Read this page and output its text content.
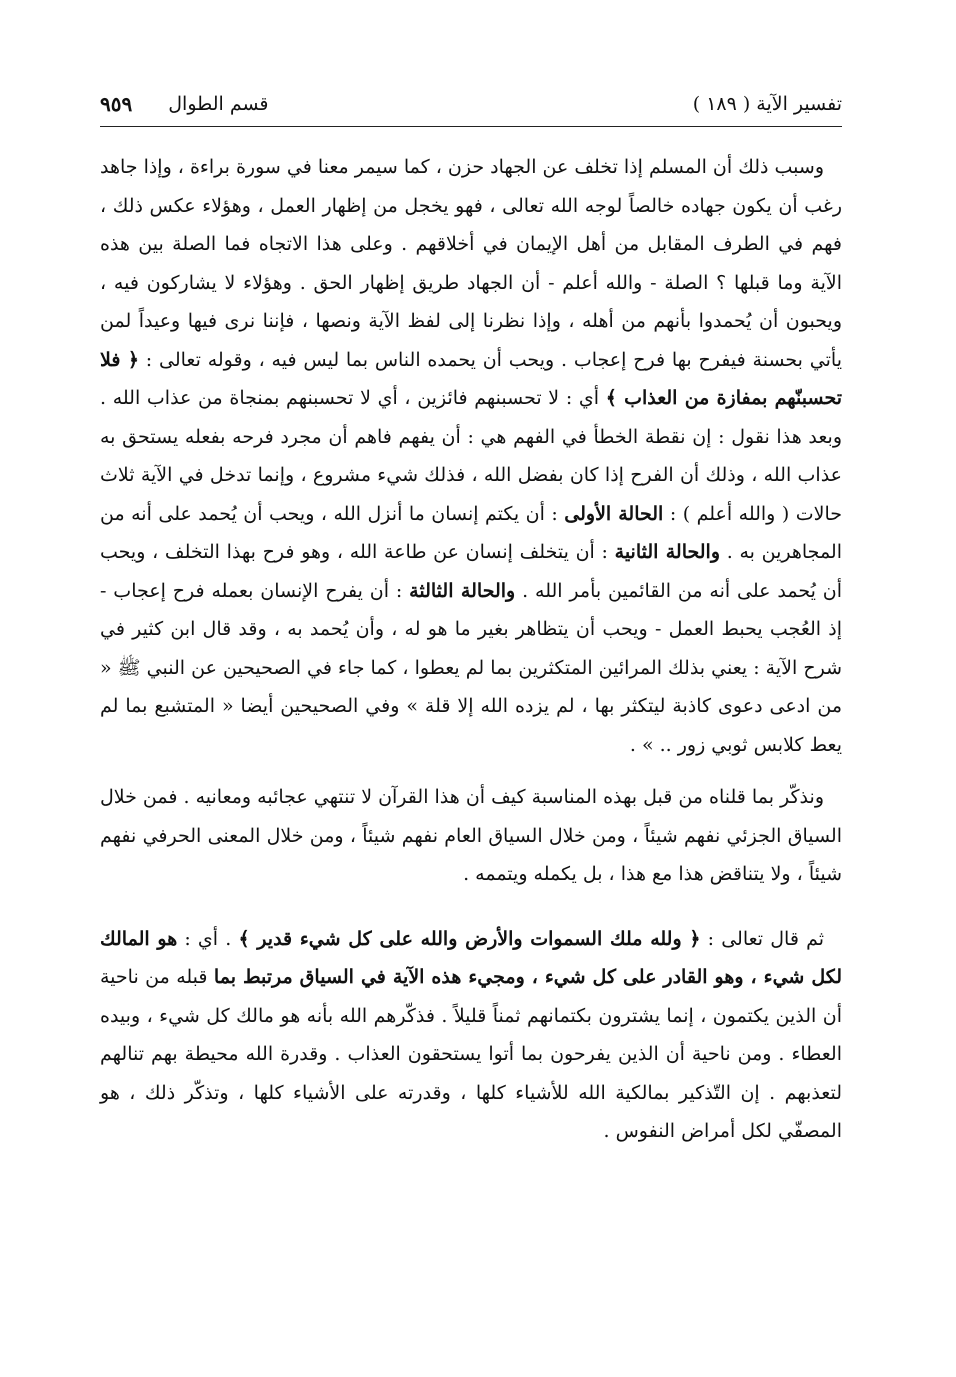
تفسير الآية ( ١٨٩ )
قسم الطوال
٩٥٩

وسبب ذلك أن المسلم إذا تخلف عن الجهاد حزن ، كما سيمر معنا في سورة براءة ، وإذا جاهد رغب أن يكون جهاده خالصاً لوجه الله تعالى ، فهو يخجل من إظهار العمل ، وهؤلاء عكس ذلك ، فهم في الطرف المقابل من أهل الإيمان في أخلاقهم . وعلى هذا الاتجاه فما الصلة بين هذه الآية وما قبلها ؟ الصلة - والله أعلم - أن الجهاد طريق إظهار الحق . وهؤلاء لا يشاركون فيه ، ويحبون أن يُحمدوا بأنهم من أهله ، وإذا نظرنا إلى لفظ الآية ونصها ، فإننا نرى فيها وعيداً لمن يأتي بحسنة فيفرح بها فرح إعجاب . ويحب أن يحمده الناس بما ليس فيه ، وقوله تعالى : ﴿ فلا تحسبنّهم بمفازة من العذاب ﴾ أي : لا تحسبنهم فائزين ، أي لا تحسبنهم بمنجاة من عذاب الله . وبعد هذا نقول : إن نقطة الخطأ في الفهم هي : أن يفهم فاهم أن مجرد فرحه بفعله يستحق به عذاب الله ، وذلك أن الفرح إذا كان بفضل الله ، فذلك شيء مشروع ، وإنما تدخل في الآية ثلاث حالات ( والله أعلم ) : الحالة الأولى : أن يكتم إنسان ما أنزل الله ، ويحب أن يُحمد على أنه من المجاهرين به . والحالة الثانية : أن يتخلف إنسان عن طاعة الله ، وهو فرح بهذا التخلف ، ويحب أن يُحمد على أنه من القائمين بأمر الله . والحالة الثالثة : أن يفرح الإنسان بعمله فرح إعجاب - إذ العُجب يحبط العمل - ويحب أن يتظاهر بغير ما هو له ، وأن يُحمد به ، وقد قال ابن كثير في شرح الآية : يعني بذلك المرائين المتكثرين بما لم يعطوا ، كما جاء في الصحيحين عن النبي ﷺ « من ادعى دعوى كاذبة ليتكثر بها ، لم يزده الله إلا قلة » وفي الصحيحين أيضا « المتشبع بما لم يعط كلابس ثوبي زور .. » .

ونذكّر بما قلناه من قبل بهذه المناسبة كيف أن هذا القرآن لا تنتهي عجائبه ومعانيه . فمن خلال السياق الجزئي نفهم شيئاً ، ومن خلال السياق العام نفهم شيئاً ، ومن خلال المعنى الحرفي نفهم شيئاً ، ولا يتناقض هذا مع هذا ، بل يكمله ويتممه .

ثم قال تعالى : ﴿ ولله ملك السموات والأرض والله على كل شيء قدير ﴾ . أي : هو المالك لكل شيء ، وهو القادر على كل شيء ، ومجيء هذه الآية في السياق مرتبط بما قبله من ناحية أن الذين يكتمون ، إنما يشترون بكتمانهم ثمناً قليلاً . فذكّرهم الله بأنه هو مالك كل شيء ، وبيده العطاء . ومن ناحية أن الذين يفرحون بما أتوا يستحقون العذاب . وقدرة الله محيطة بهم تنالهم لتعذبهم . إن التّذكير بمالكية الله للأشياء كلها ، وقدرته على الأشياء كلها ، وتذكّر ذلك ، هو المصفّي لكل أمراض النفوس .
